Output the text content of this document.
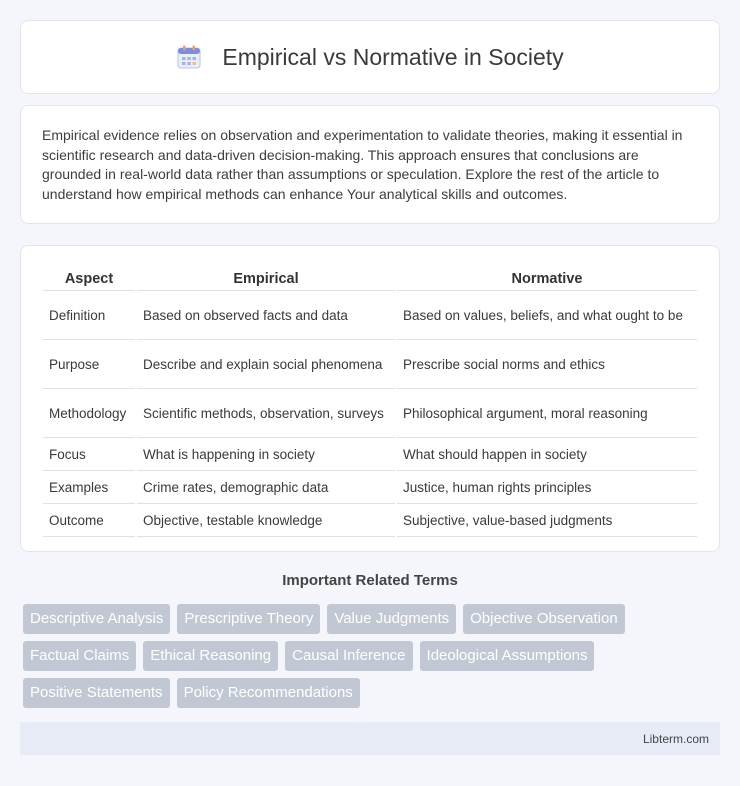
Empirical vs Normative in Society

Empirical evidence relies on observation and experimentation to validate theories, making it essential in scientific research and data-driven decision-making. This approach ensures that conclusions are grounded in real-world data rather than assumptions or speculation. Explore the rest of the article to understand how empirical methods can enhance Your analytical skills and outcomes.

Aspect	Empirical	Normative
Definition	Based on observed facts and data	Based on values, beliefs, and what ought to be
Purpose	Describe and explain social phenomena	Prescribe social norms and ethics
Methodology	Scientific methods, observation, surveys	Philosophical argument, moral reasoning
Focus	What is happening in society	What should happen in society
Examples	Crime rates, demographic data	Justice, human rights principles
Outcome	Objective, testable knowledge	Subjective, value-based judgments
Important Related Terms
Descriptive Analysis	Prescriptive Theory	Value Judgments	Objective Observation
Factual Claims	Ethical Reasoning	Causal Inference	Ideological Assumptions
Positive Statements	Policy Recommendations
Libterm.com
